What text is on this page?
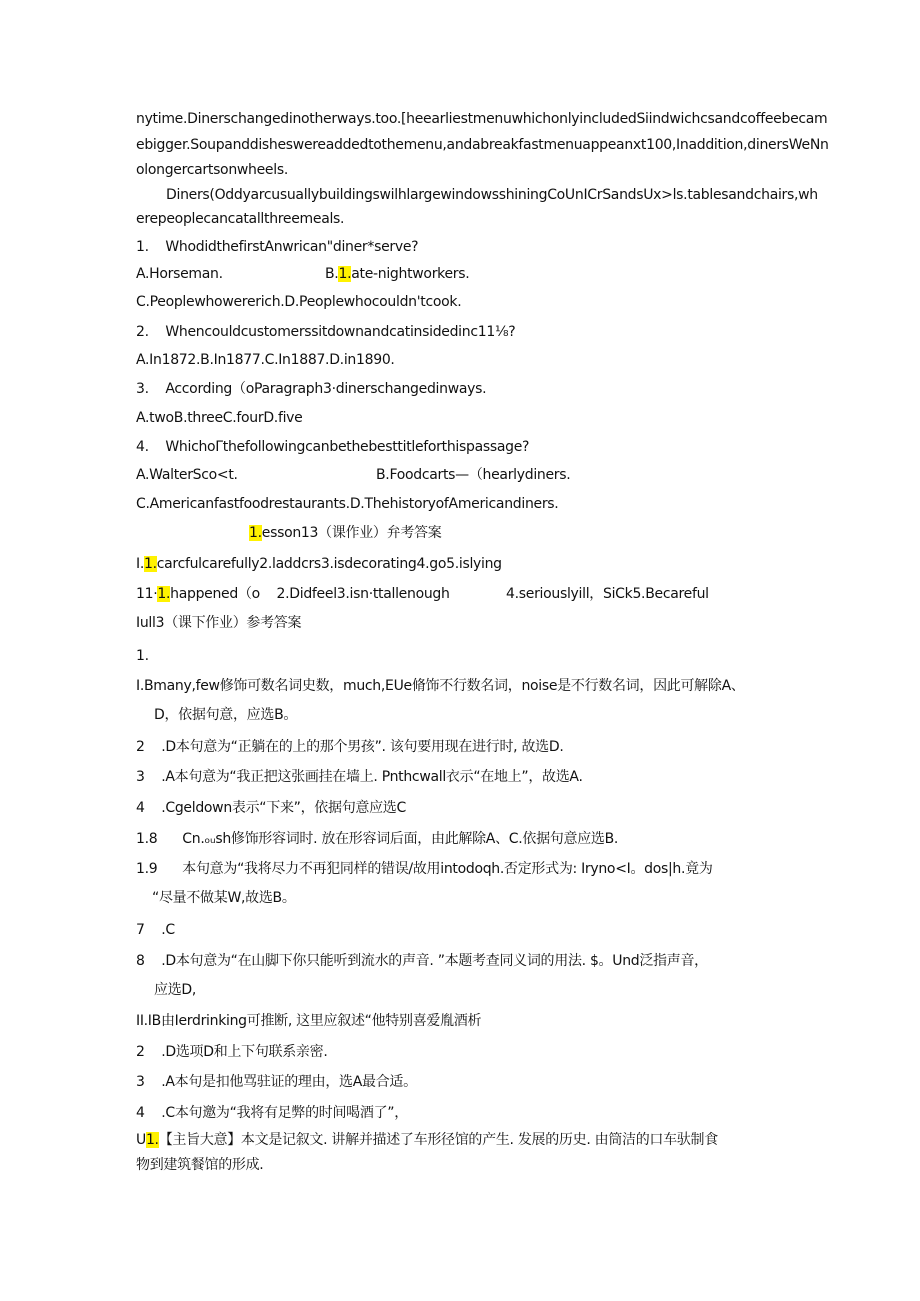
nytime.Dinerschangedinotherways.too.[heearliestmenuwhichonlyincludedSiindwichcsandcoffeebecam
ebigger.Soupanddisheswereaddedtothemenu,andabreakfastmenuappeanxt100,Inaddition,dinersWeNn
olongercartsonwheels.
Diners(OddyarcusuallybuildingswilhlargewindowsshiningCoUnICrSandsUx>ls.tablesandchairs,wh
erepeoplecancatallthreemeals.
1.    WhodidthefirstAnwrican"diner*serve?
A.Horseman.	B.1.ate-nightworkers.
C.Peoplewhowererich.D.Peoplewhocouldn'tcook.
2.    Whencouldcustomerssitdownandcatinsidedinc11⅛?
A.In1872.B.In1877.C.In1887.D.in1890.
3.    According（oParagraph3·dinerschangedinways.
A.twoB.threeC.fourD.five
4.    WhichoΓthefollowingcanbethebesttitleforthispassage?
A.WalterSco<t.	B.Foodcarts—（hearlydiners.
C.Americanfastfoodrestaurants.D.ThehistoryofAmericandiners.
1.esson13（课作业）弁考答案
I.1.carcfulcarefully2.laddcrs3.isdecorating4.go5.islying
11·1.happened（o    2.Didfeel3.isn·ttallenough	4.seriouslyill，SiCk5.Becareful
Iull3（课下作业）参考答案
1.
I.Bmany,few修饰可数名词史数，much,EUe脩饰不行数名词，noise是不行数名词，因此可解除A、
D，依据句意，应选B。
2    .D本句意为“正躺在的上的那个男孩”. 该句要用现在进行时, 故选D.
3    .A本句意为“我正把这张画挂在墙上. Pnthcwall衣示“在地上”，故选A.
4    .Cgeldown表示“下来”，依据句意应选C
1.8      Cn.ₒᵤsh修饰形容词时. 放在形容词后面，由此解除A、C.依据句意应选B.
1.9      本句意为“我将尽力不再犯同样的错误/故用intodoqh.否定形式为: Iryno<I。dos|h.竟为
“尽量不做某W,故选B。
7    .C
8    .D本句意为“在山脚下你只能听到流水的声音. ”本题考查同义词的用法. $。Und泛指声音，
应选D,
II.IB由Ierdrinking可推断, 这里应叙述“他特别喜爱胤酒析
2    .D选项D和上下句联系亲密.
3    .A本句是扣他骂驻证的理由，选A最合适。
4    .C本句邀为“我将有足弊的时间喝酒了”，
U1.【主旨大意】本文是记叙文. 讲解并描述了车形径馆的产生. 发展的历史. 由筒洁的口车驮制食
物到建筑餐馆的形成.
